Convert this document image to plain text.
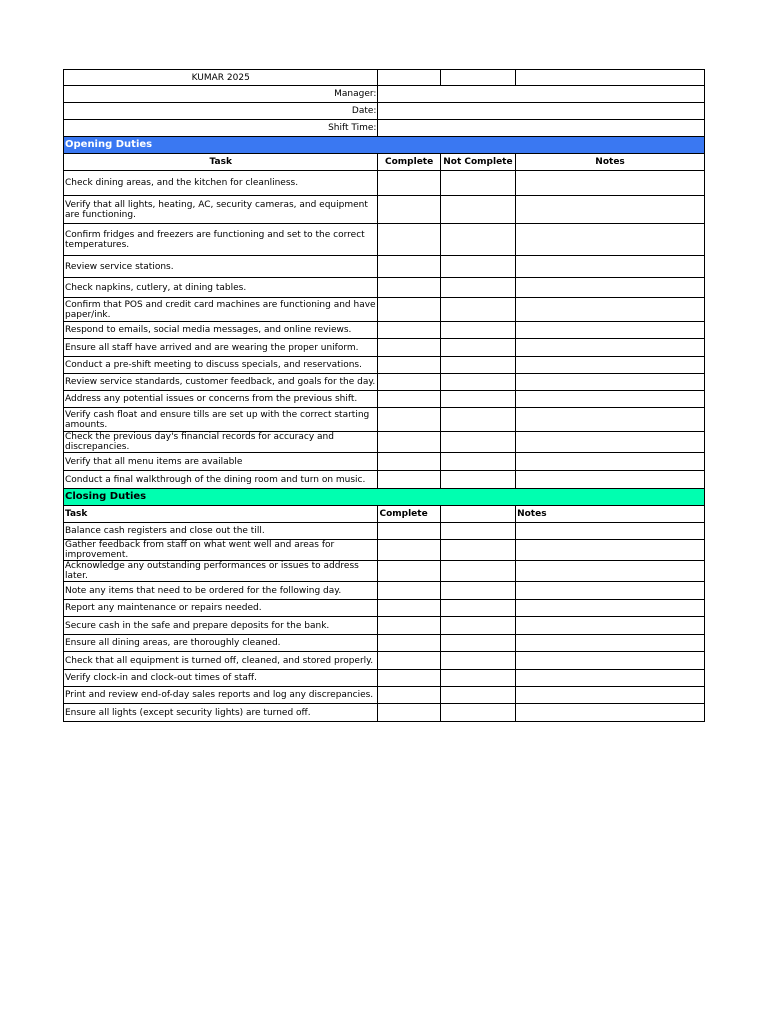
KUMAR 2025			
Manager:			
Date:			
Shift Time:			
Opening Duties			
Task	Complete	Not Complete	Notes
Check dining areas, and the kitchen for cleanliness.			
Verify that all lights, heating, AC, security cameras, and equipment are functioning.			
Confirm fridges and freezers are functioning and set to the correct temperatures.			
Review service stations.			
Check napkins, cutlery, at dining tables.			
Confirm that POS and credit card machines are functioning and have paper/ink.			
Respond to emails, social media messages, and online reviews.			
Ensure all staff have arrived and are wearing the proper uniform.			
Conduct a pre-shift meeting to discuss specials, and reservations.			
Review service standards, customer feedback, and goals for the day.			
Address any potential issues or concerns from the previous shift.			
Verify cash float and ensure tills are set up with the correct starting amounts.			
Check the previous day's financial records for accuracy and discrepancies.			
Verify that all menu items are available			
Conduct a final walkthrough of the dining room and turn on music.			
Closing Duties			
Task	Complete		Notes
Balance cash registers and close out the till.			
Gather feedback from staff on what went well and areas for improvement.			
Acknowledge any outstanding performances or issues to address later.			
Note any items that need to be ordered for the following day.			
Report any maintenance or repairs needed.			
Secure cash in the safe and prepare deposits for the bank.			
Ensure all dining areas, are thoroughly cleaned.			
Check that all equipment is turned off, cleaned, and stored properly.			
Verify clock-in and clock-out times of staff.			
Print and review end-of-day sales reports and log any discrepancies.			
Ensure all lights (except security lights) are turned off.			
